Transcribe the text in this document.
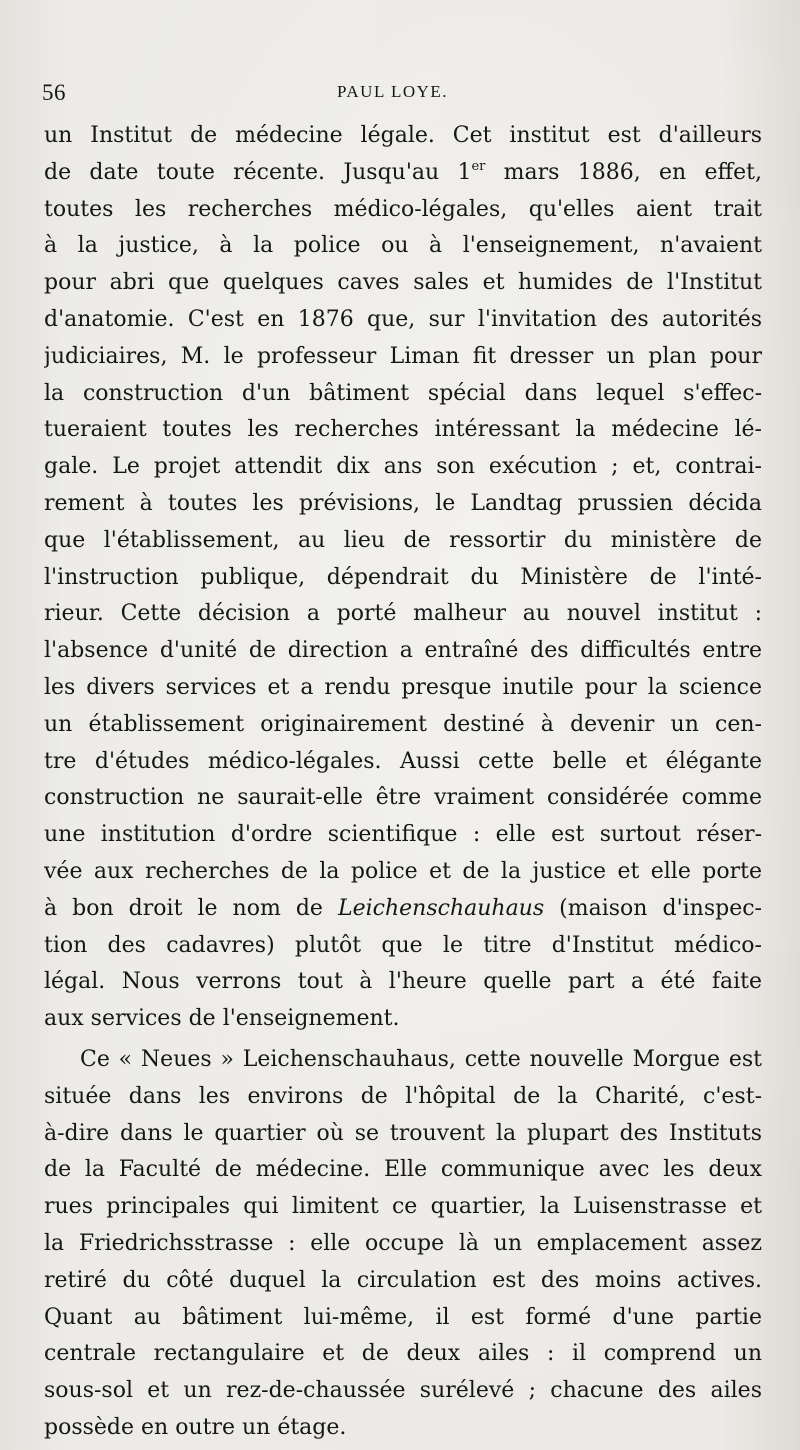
56	PAUL LOYE.
un Institut de médecine légale. Cet institut est d'ailleurs
de date toute récente. Jusqu'au 1er mars 1886, en effet,
toutes les recherches médico-légales, qu'elles aient trait
à la justice, à la police ou à l'enseignement, n'avaient
pour abri que quelques caves sales et humides de l'Institut
d'anatomie. C'est en 1876 que, sur l'invitation des autorités
judiciaires, M. le professeur Liman fit dresser un plan pour
la construction d'un bâtiment spécial dans lequel s'effec-
tueraient toutes les recherches intéressant la médecine lé-
gale. Le projet attendit dix ans son exécution ; et, contrai-
rement à toutes les prévisions, le Landtag prussien décida
que l'établissement, au lieu de ressortir du ministère de
l'instruction publique, dépendrait du Ministère de l'inté-
rieur. Cette décision a porté malheur au nouvel institut :
l'absence d'unité de direction a entraîné des difficultés entre
les divers services et a rendu presque inutile pour la science
un établissement originairement destiné à devenir un cen-
tre d'études médico-légales. Aussi cette belle et élégante
construction ne saurait-elle être vraiment considérée comme
une institution d'ordre scientifique : elle est surtout réser-
vée aux recherches de la police et de la justice et elle porte
à bon droit le nom de Leichenschauhaus (maison d'inspec-
tion des cadavres) plutôt que le titre d'Institut médico-
légal. Nous verrons tout à l'heure quelle part a été faite
aux services de l'enseignement.
Ce « Neues » Leichenschauhaus, cette nouvelle Morgue est
située dans les environs de l'hôpital de la Charité, c'est-
à-dire dans le quartier où se trouvent la plupart des Instituts
de la Faculté de médecine. Elle communique avec les deux
rues principales qui limitent ce quartier, la Luisenstrasse et
la Friedrichsstrasse : elle occupe là un emplacement assez
retiré du côté duquel la circulation est des moins actives.
Quant au bâtiment lui-même, il est formé d'une partie
centrale rectangulaire et de deux ailes : il comprend un
sous-sol et un rez-de-chaussée surélevé ; chacune des ailes
possède en outre un étage.
